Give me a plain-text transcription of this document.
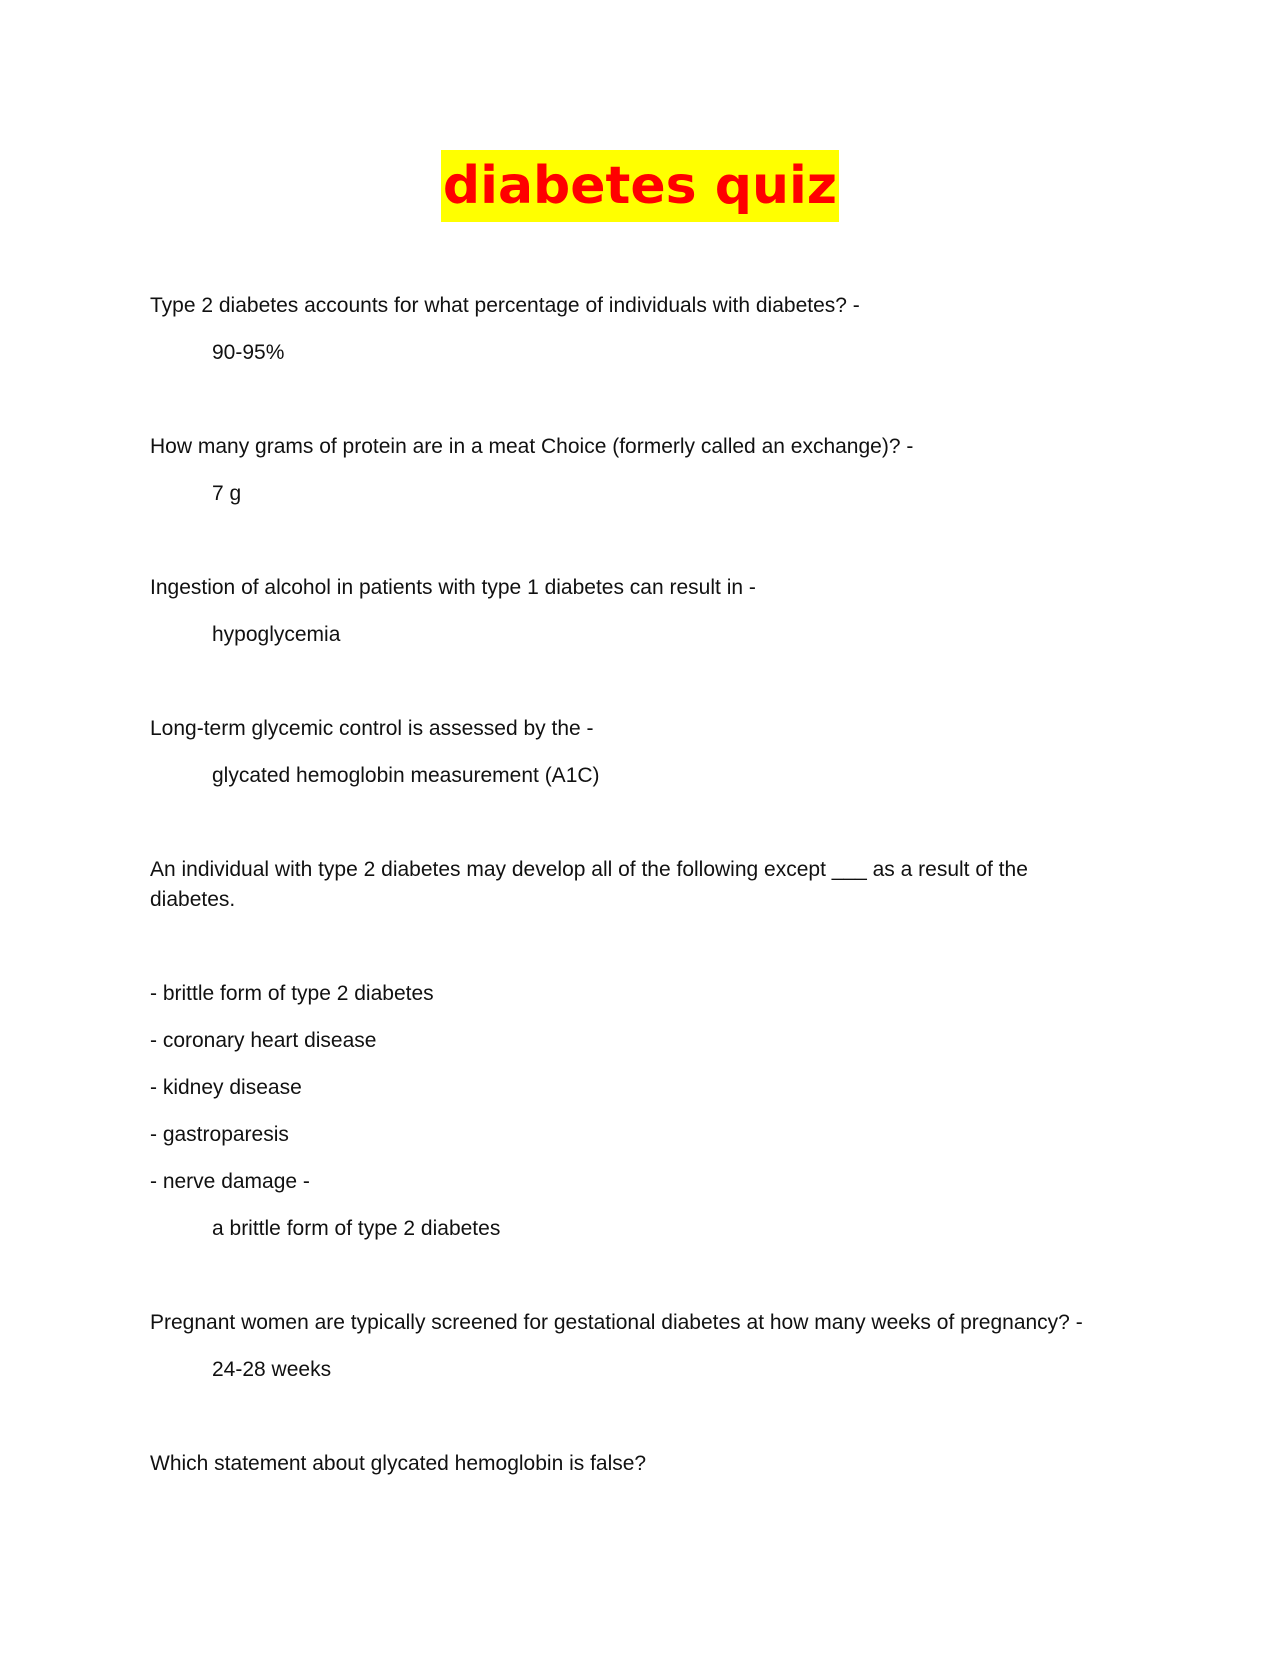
diabetes quiz

Type 2 diabetes accounts for what percentage of individuals with diabetes? -

90-95%

How many grams of protein are in a meat Choice (formerly called an exchange)? -

7 g

Ingestion of alcohol in patients with type 1 diabetes can result in -

hypoglycemia

Long-term glycemic control is assessed by the -

glycated hemoglobin measurement (A1C)

An individual with type 2 diabetes may develop all of the following except ___ as a result of the diabetes.

- brittle form of type 2 diabetes

- coronary heart disease

- kidney disease

- gastroparesis

- nerve damage -

a brittle form of type 2 diabetes

Pregnant women are typically screened for gestational diabetes at how many weeks of pregnancy? -

24-28 weeks

Which statement about glycated hemoglobin is false?
